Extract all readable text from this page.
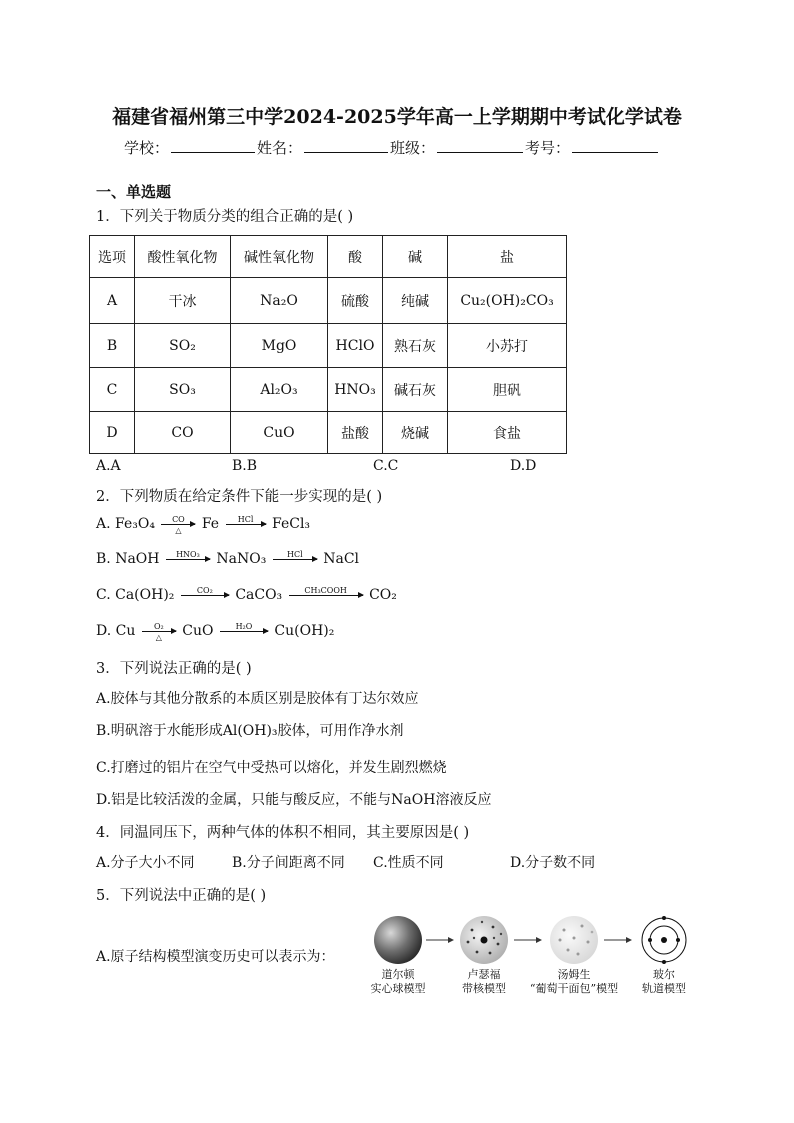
福建省福州第三中学2024-2025学年高一上学期期中考试化学试卷
学校：	姓名：	班级：	考号：
一、单选题
1．下列关于物质分类的组合正确的是( )
选项	酸性氧化物	碱性氧化物	酸	碱	盐
A	干冰	Na₂O	硫酸	纯碱	Cu₂(OH)₂CO₃
B	SO₂	MgO	HClO	熟石灰	小苏打
C	SO₃	Al₂O₃	HNO₃	碱石灰	胆矾
D	CO	CuO	盐酸	烧碱	食盐
A.A	B.B	C.C	D.D
2．下列物质在给定条件下能一步实现的是( )
A. Fe₃O₄	CO
△	Fe	HCl	FeCl₃
B. NaOH	HNO₃	NaNO₃	HCl	NaCl
C. Ca(OH)₂	CO₂	CaCO₃	CH₃COOH	CO₂
D. Cu	O₂
△	CuO	H₂O	Cu(OH)₂
3．下列说法正确的是( )
A.胶体与其他分散系的本质区别是胶体有丁达尔效应
B.明矾溶于水能形成Al(OH)₃胶体，可用作净水剂
C.打磨过的铝片在空气中受热可以熔化，并发生剧烈燃烧
D.铝是比较活泼的金属，只能与酸反应，不能与NaOH溶液反应
4．同温同压下，两种气体的体积不相同，其主要原因是( )
A.分子大小不同	B.分子间距离不同 C.性质不同	D.分子数不同
5．下列说法中正确的是( )
A.原子结构模型演变历史可以表示为：
道尔顿
实心球模型
卢瑟福
带核模型
汤姆生
“葡萄干面包”模型
玻尔
轨道模型
